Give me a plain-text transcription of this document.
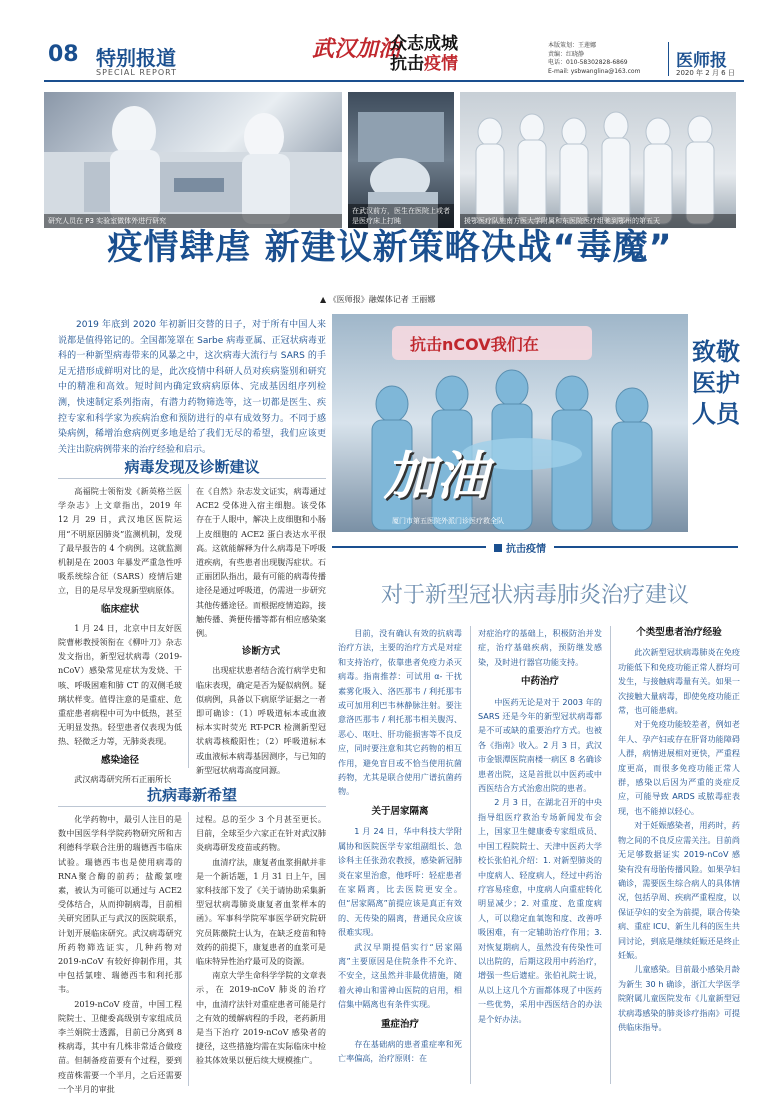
08 特别报道
SPECIAL REPORT
武汉加油
众志成城
抗击疫情
本版策划：王莲娜
责编：红晓静
电话：010-58302828-6869
E-mail: ysbwanglina@163.com	医师报
2020 年 2 月 6 日
研究人员在 P3 实验室做体外进行研究
在武汉前方，医生在医院上或者是医疗床上打盹	援鄂医疗队施南方医大学附属和东医院医疗组驰到鄂州的第五天
疫情肆虐 新建议新策略决战“毒魔”
▲ 《医师报》融媒体记者 王丽娜
2019 年底到 2020 年初新旧交替的日子，对于所有中国人来说都是值得铭记的。全国都笼罩在 Sarbe 病毒亚属、正冠状病毒亚科的一种新型病毒带来的风暴之中，这次病毒大流行与 SARS 的手足无措形成鲜明对比的是，此次疫情中科研人员对疾病鉴别和研究中的精准和高效。短时间内确定致病病原体、完成基因组序列检测，快速制定系列指南，有潜力药物筛选等，这一切都是医生、疾控专家和科学家为疾病治愈和预防进行的卓有成效努力。不同于感染病例，稀增治愈病例更多地是给了我们无尽的希望，我们应该更关注出院病例带来的治疗经验和启示。
抗击nCOV我们在
加油
厦门市第五医院外派门诊医疗救全队
致敬医护人员
病毒发现及诊断建议

高福院士领衔发《新英格兰医学杂志》上文章指出，2019 年 12 月 29 日，武汉地区医院运用“不明原因肺炎”监测机制，发现了最早报告的 4 个病例。这就监测机制是在 2003 年暴发严重急性呼吸系统综合征（SARS）疫情后建立，目的是尽早发现新型病原体。

临床症状

1 月 24 日，北京中日友好医院曹彬教授领衔在《柳叶刀》杂志发文指出，新型冠状病毒（2019-nCoV）感染常见症状为发烧、干咳、呼吸困难和肺 CT 的双侧毛玻璃状样变。值得注意的是重症、危重症患者病程中可为中低热，甚至无明显发热。轻型患者仅表现为低热、轻微乏力等，无肺炎表现。

感染途径

武汉病毒研究所石正丽所长

在《自然》杂志发文证实，病毒通过 ACE2 受体进入宿主细胞。该受体存在于人眼中，解决上皮细胞和小肠上皮细胞的 ACE2 蛋白表达水平很高。这就能解释为什么病毒是下呼吸道疾病，有些患者出现腹泻症状。石正丽团队指出，最有可能的病毒传播途径是通过呼吸道，仍需进一步研究其他传播途径。而根据疫情追踪，接触传播、粪便传播等都有相应感染案例。

诊断方式

出现症状患者结合流行病学史和临床表现，确定是否为疑似病例。疑似病例，具备以下病原学证据之一者即可确诊：（1）呼吸道标本或血液标本实时荧光 RT-PCR 检测新型冠状病毒核酸阳性；（2）呼吸道标本或血液标本病毒基因测序，与已知的新型冠状病毒高度同源。

抗病毒新希望

化学药物中，最引人注目的是数中国医学科学院药物研究所和吉利德科学联合注册的瑞德西韦临床试验。瑞德西韦也是使用病毒的RNA聚合酶的前药；盐酸氯喹素，被认为可能可以通过与 ACE2 受体结合，从而抑制病毒，目前相关研究团队正与武汉的医院联系，计划开展临床研究。武汉病毒研究所药物筛选证实，几种药物对 2019-nCoV 有较好抑制作用，其中包括氯喹、瑞德西韦和利托那韦。

2019-nCoV 疫苗，中国工程院院士、卫健委高级别专家组成员李兰娟院士透露，目前已分离到 8 株病毒，其中有几株非常适合做疫苗。但制备疫苗要有个过程，要到疫苗株需要一个半月，之后还需要一个半月的审批

过程。总的至少 3 个月甚至更长。目前，全球至少六家正在针对武汉肺炎病毒研发疫苗或药物。

血清疗法，康复者血浆捐献并非是一个新话题，1 月 31 日上午，国家科技部下发了《关于请协助采集新型冠状病毒肺炎康复者血浆样本的函》。军事科学院军事医学研究院研究员陈薇院士认为，在缺乏疫苗和特效药的前提下，康复患者的血浆可是临床特异性治疗最可及的资源。

南京大学生命科学学院的文章表示，在 2019-nCoV 肺炎的治疗中，血清疗法针对重症患者可能是行之有效的缓解病程的手段，老药新用是当下治疗 2019-nCoV 感染者的捷径，这些措施均需在实际临床中检验其体效果以便后续大规模推广。

抗击疫情
对于新型冠状病毒肺炎治疗建议

目前，没有确认有效的抗病毒治疗方法，主要的治疗方式是对症和支持治疗，依靠患者免疫力杀灭病毒。指南推荐：可试用 α- 干扰素雾化吸入、洛匹那韦 / 利托那韦或可加用利巴韦林静脉注射。要注意洛匹那韦 / 利托那韦相关腹泻、恶心、呕吐、肝功能损害等不良反应，同时要注意和其它药物的相互作用，避免盲目或不恰当使用抗菌药物，尤其是联合使用广谱抗菌药物。

关于居家隔离

1 月 24 日，华中科技大学附属协和医院医学专家组副组长、急诊科主任张劲农教授，感染新冠肺炎在家里治愈，他呼吁：轻症患者在家隔离，比去医院更安全。但“居家隔离”前提应该是真正有效的、无传染的隔离，普通民众应该很难实现。

武汉早期提倡实行“居家隔离”主要原因是住院条件不允许、不安全，这虽然并非最优措施，随着火神山和雷神山医院的启用，相信集中隔离也有条件实现。

重症治疗

存在基础病的患者重症率和死亡率偏高，治疗原则：在

对症治疗的基础上，积极防治并发症，治疗基础疾病，预防继发感染，及时进行器官功能支持。

中药治疗

中医药无论是对于 2003 年的 SARS 还是今年的新型冠状病毒都是不可或缺的重要治疗方式。也被各《指南》收入。2 月 3 日，武汉市金银潭医院南楼一病区 8 名确诊患者出院，这是首批以中医药或中西医结合方式治愈出院的患者。

2 月 3 日，在湖北召开的中央指导组医疗救治专场新闻发布会上，国家卫生健康委专家组成员、中国工程院院士、天津中医药大学校长张伯礼介绍：1. 对新型肺炎的中度病人、轻度病人，经过中药治疗容易痊愈，中度病人向重症转化明显减少；2. 对重度、危重度病人，可以稳定血氧饱和度、改善呼吸困难，有一定辅助治疗作用；3. 对恢复期病人，虽然没有传染性可以出院的，后期这段用中药治疗，增强一些后遗症。张伯礼院士说，从以上这几个方面都体现了中医药一些优势，采用中西医结合的办法是个好办法。

个类型患者治疗经验

此次新型冠状病毒肺炎在免疫功能低下和免疫功能正常人群均可发生，与接触病毒量有关。如果一次接触大量病毒，即使免疫功能正常，也可能患病。

对于免疫功能较差者，例如老年人、孕产妇或存在肝肾功能障碍人群，病情进展相对更快，严重程度更高，而很多免疫功能正常人群，感染以后因为严重的炎症反应，可能导致 ARDS 或脓毒症表现，也不能掉以轻心。

对于妊娠感染者，用药时，药物之间的不良反应需关注。目前尚无足够数据证实 2019-nCoV 感染有没有母胎传播风险。如果孕妇确诊，需要医生综合病人的具体情况，包括孕周、疾病严重程度，以保证孕妇的安全为前提，联合传染病、重症 ICU、新生儿科的医生共同讨论，到底是继续妊娠还是终止妊娠。

儿童感染。目前最小感染月龄为新生 30 h 确诊，浙江大学医学院附属儿童医院发布《儿童新型冠状病毒感染的肺炎诊疗指南》可提供临床指导。
